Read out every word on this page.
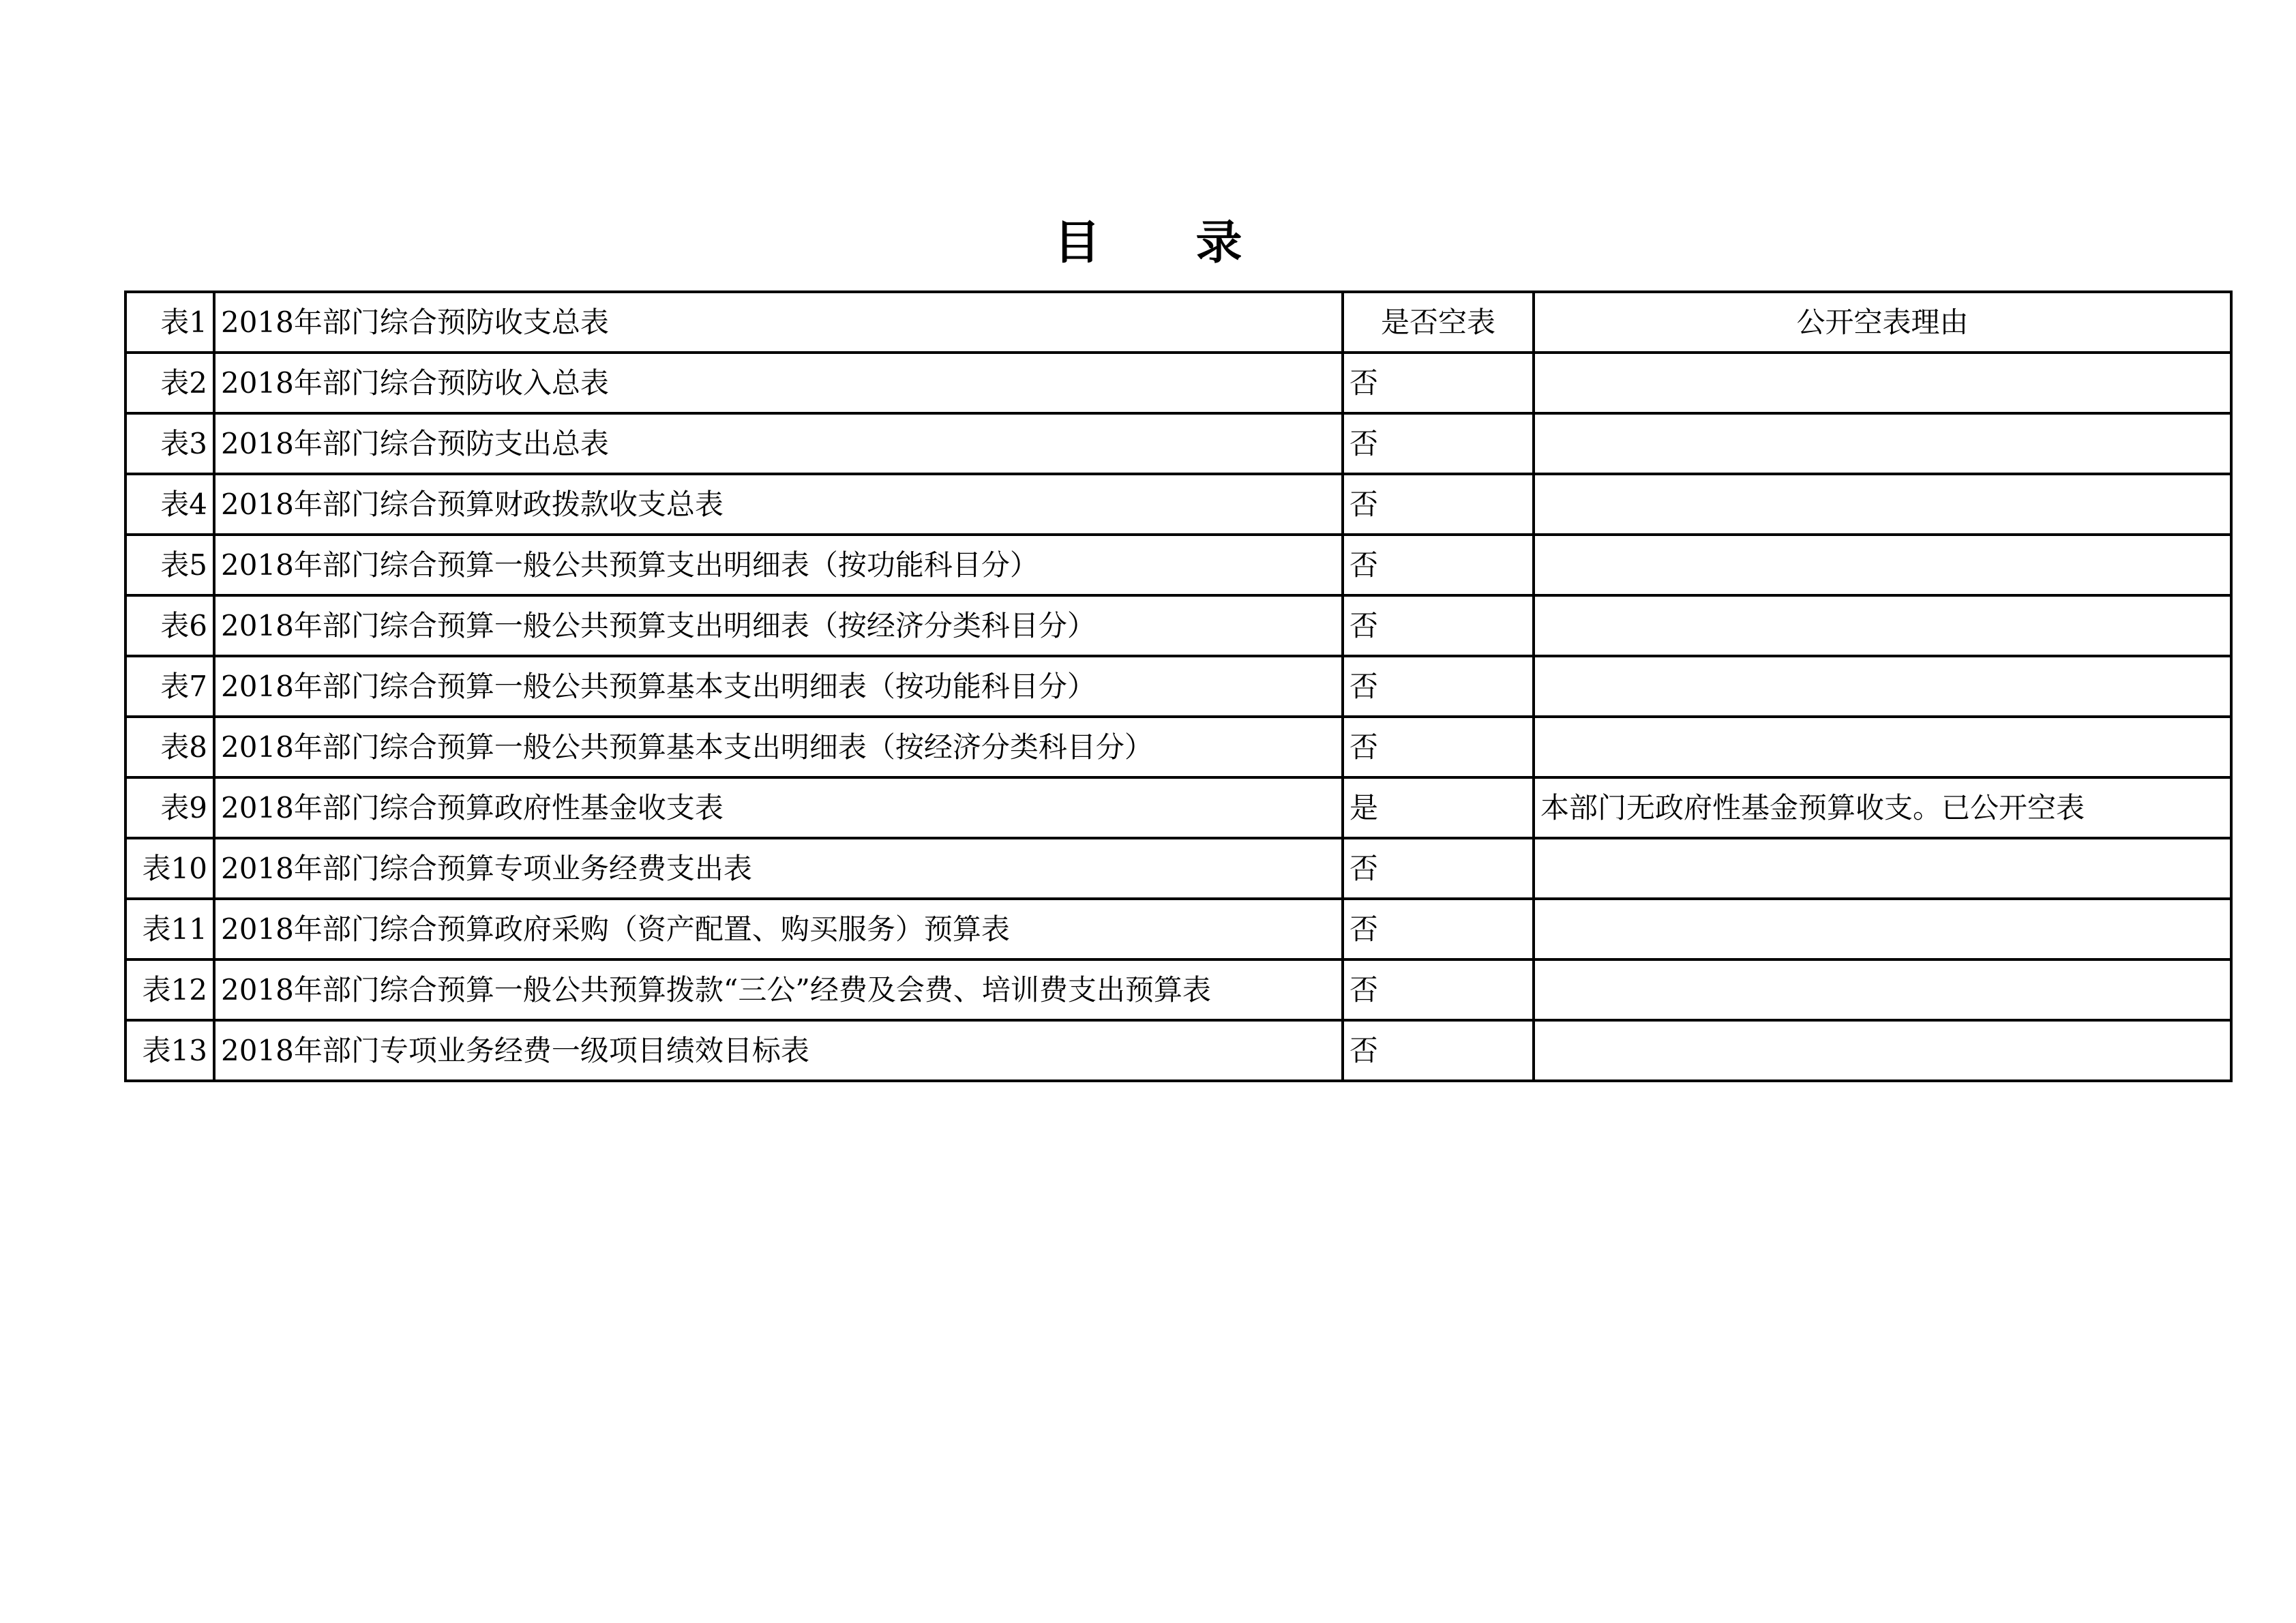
目录
表1	2018年部门综合预防收支总表	是否空表	公开空表理由
表2	2018年部门综合预防收入总表	否	
表3	2018年部门综合预防支出总表	否	
表4	2018年部门综合预算财政拨款收支总表	否	
表5	2018年部门综合预算一般公共预算支出明细表（按功能科目分）	否	
表6	2018年部门综合预算一般公共预算支出明细表（按经济分类科目分）	否	
表7	2018年部门综合预算一般公共预算基本支出明细表（按功能科目分）	否	
表8	2018年部门综合预算一般公共预算基本支出明细表（按经济分类科目分）	否	
表9	2018年部门综合预算政府性基金收支表	是	本部门无政府性基金预算收支。已公开空表
表10	2018年部门综合预算专项业务经费支出表	否	
表11	2018年部门综合预算政府采购（资产配置、购买服务）预算表	否	
表12	2018年部门综合预算一般公共预算拨款“三公”经费及会费、培训费支出预算表	否	
表13	2018年部门专项业务经费一级项目绩效目标表	否	
